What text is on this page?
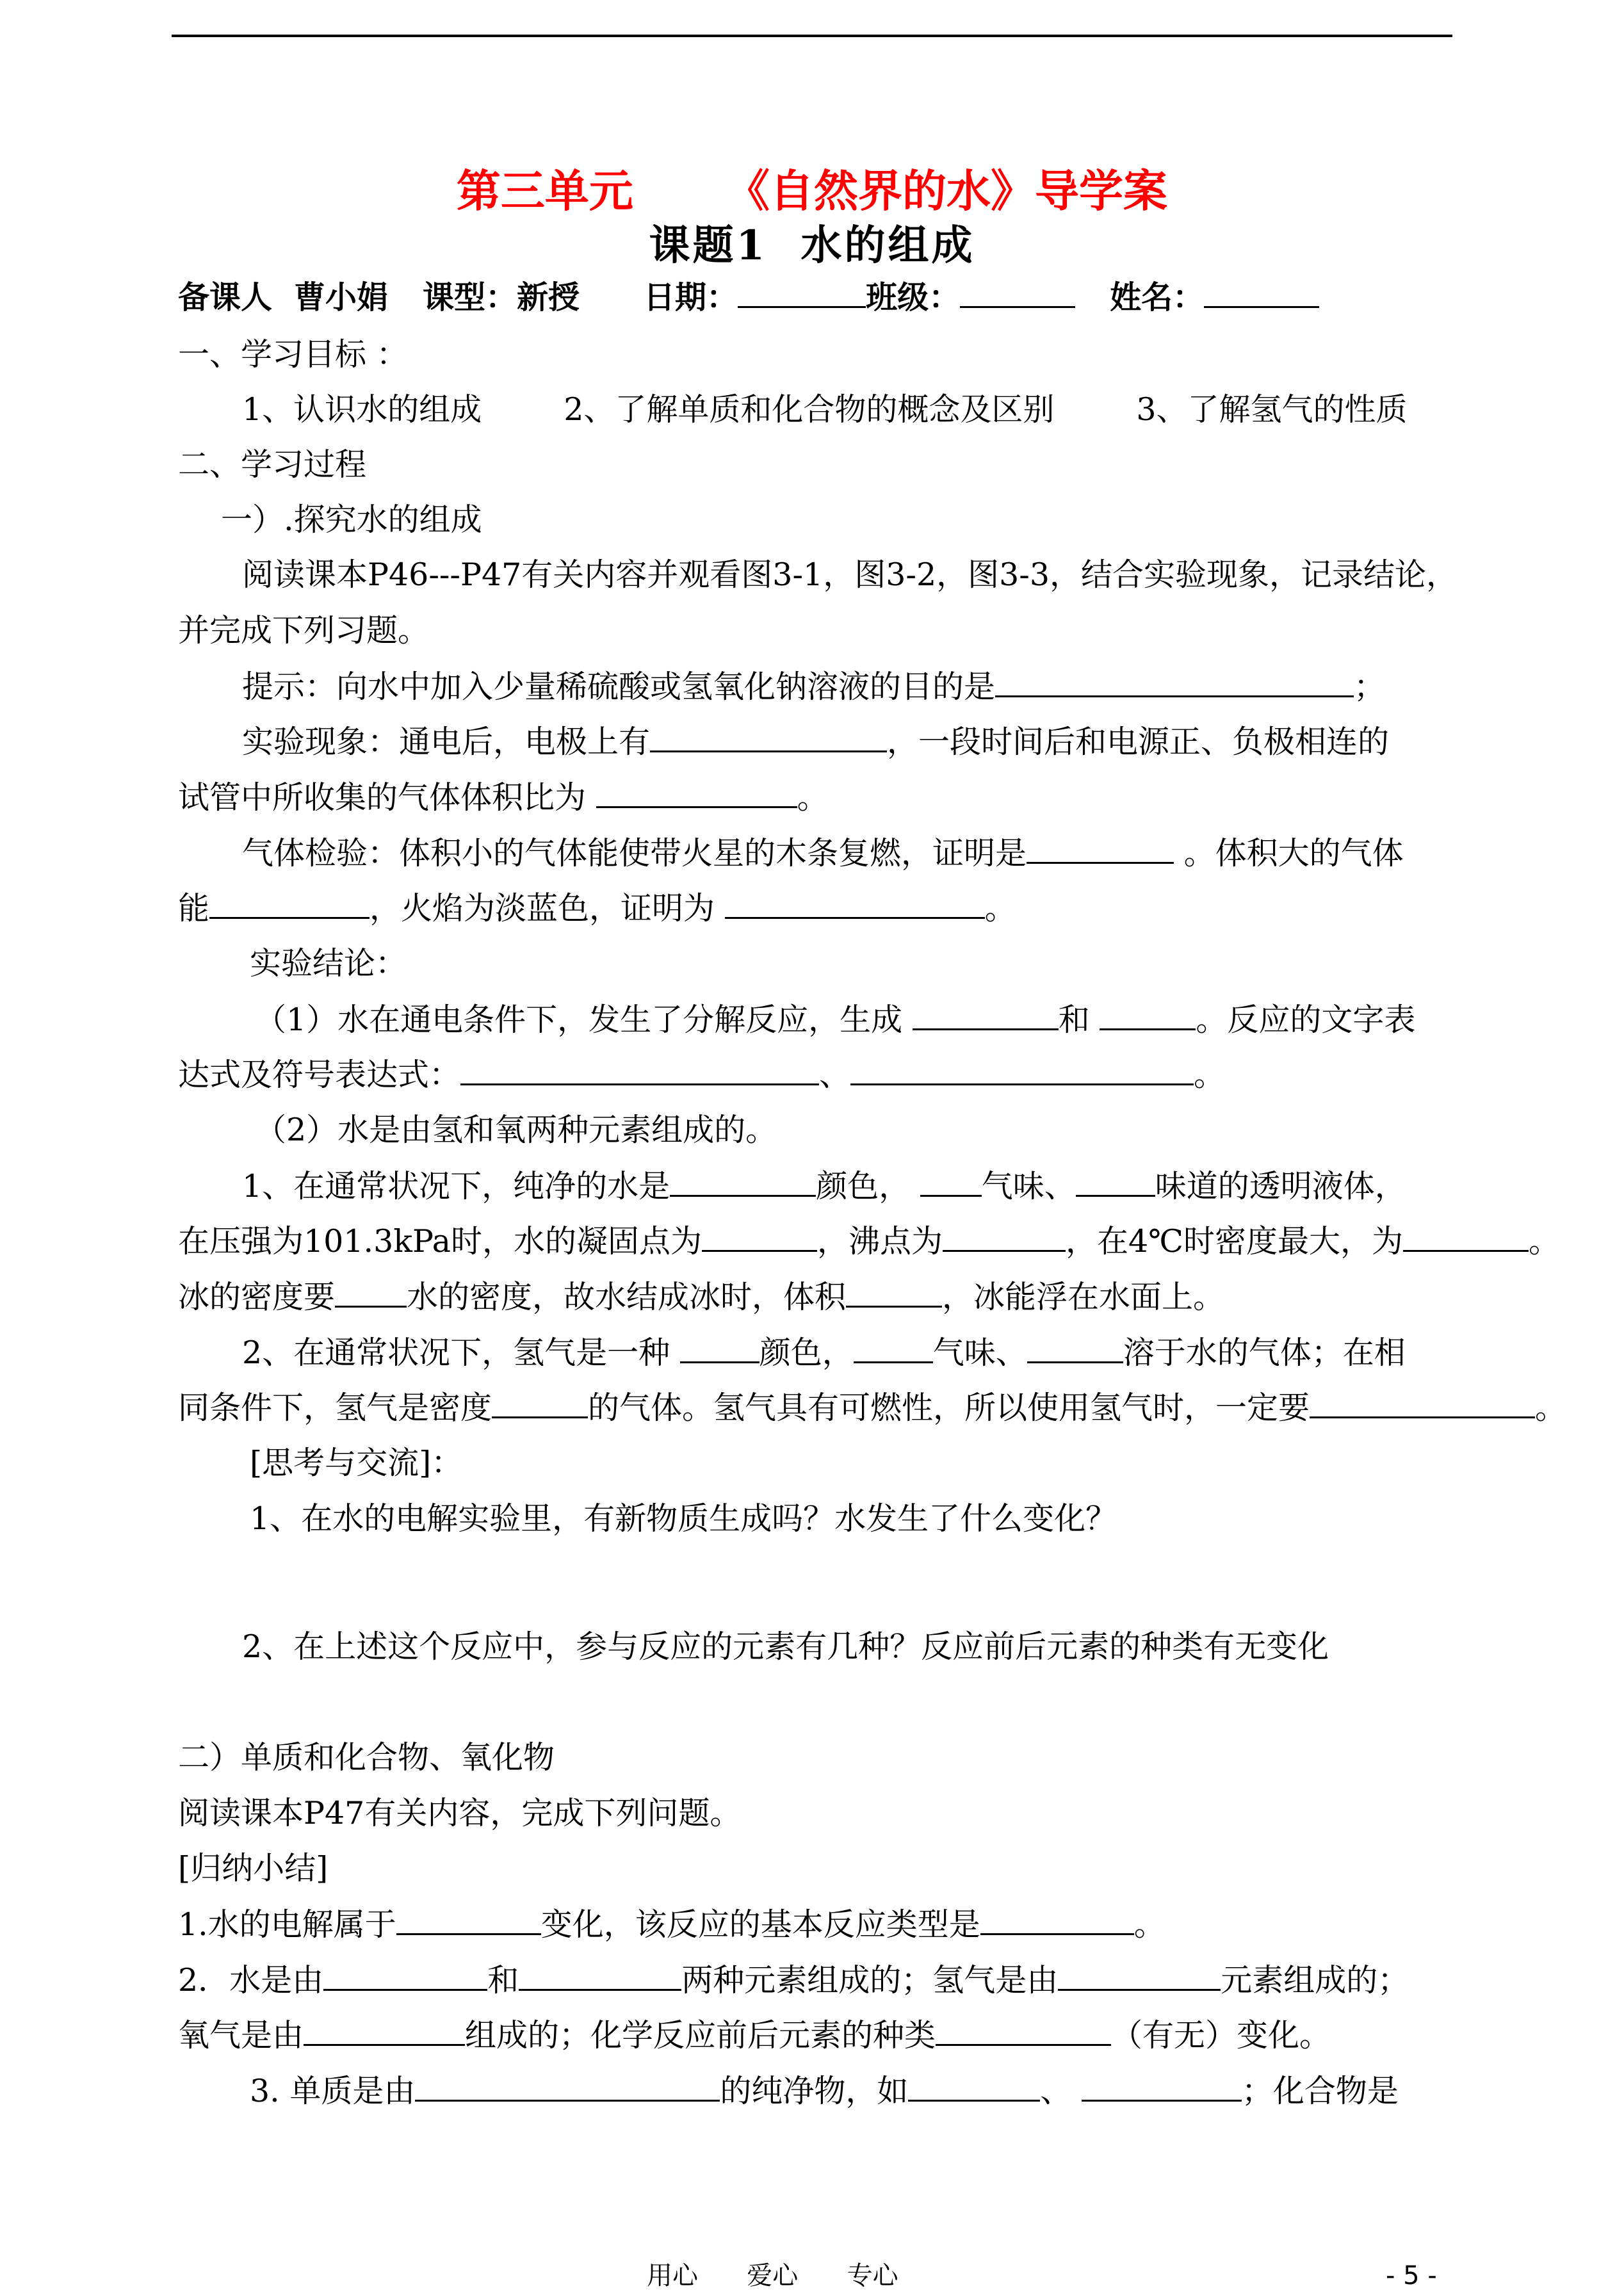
第三单元      《自然界的水》导学案
课题1  水的组成
备课人 曹小娟 课型：新授 日期：	班级：	姓名：
一、学习目标 ：
1、认识水的组成	2、了解单质和化合物的概念及区别	3、了解氢气的性质
二、学习过程
一）.探究水的组成
阅读课本P46---P47有关内容并观看图3-1，图3-2，图3-3，结合实验现象，记录结论，
并完成下列习题。
提示：向水中加入少量稀硫酸或氢氧化钠溶液的目的是	；
实验现象：通电后，电极上有	，一段时间后和电源正、负极相连的
试管中所收集的气体体积比为	。
气体检验：体积小的气体能使带火星的木条复燃，证明是	。体积大的气体
能	，火焰为淡蓝色，证明为	。
实验结论：
（1）水在通电条件下，发生了分解反应，生成	和	。反应的文字表
达式及符号表达式：	、	。
（2）水是由氢和氧两种元素组成的。
1、在通常状况下，纯净的水是	颜色， 气味、	味道的透明液体，
在压强为101.3kPa时，水的凝固点为	，沸点为	，在4℃时密度最大，为	。
冰的密度要 水的密度，故水结成冰时，体积	，冰能浮在水面上。
2、在通常状况下，氢气是一种	颜色，	气味、	溶于水的气体；在相
同条件下，氢气是密度	的气体。氢气具有可燃性，所以使用氢气时，一定要	。
[思考与交流]：
1、在水的电解实验里，有新物质生成吗？水发生了什么变化？
2、在上述这个反应中，参与反应的元素有几种？反应前后元素的种类有无变化
二）单质和化合物、氧化物
阅读课本P47有关内容，完成下列问题。
[归纳小结]
1.水的电解属于	变化，该反应的基本反应类型是	。
2．水是由	和	两种元素组成的；氢气是由	元素组成的；
氧气是由	组成的；化学反应前后元素的种类	（有无）变化。
3. 单质是由	的纯净物，如	、	；化合物是
用心      爱心      专心	- 5 -
